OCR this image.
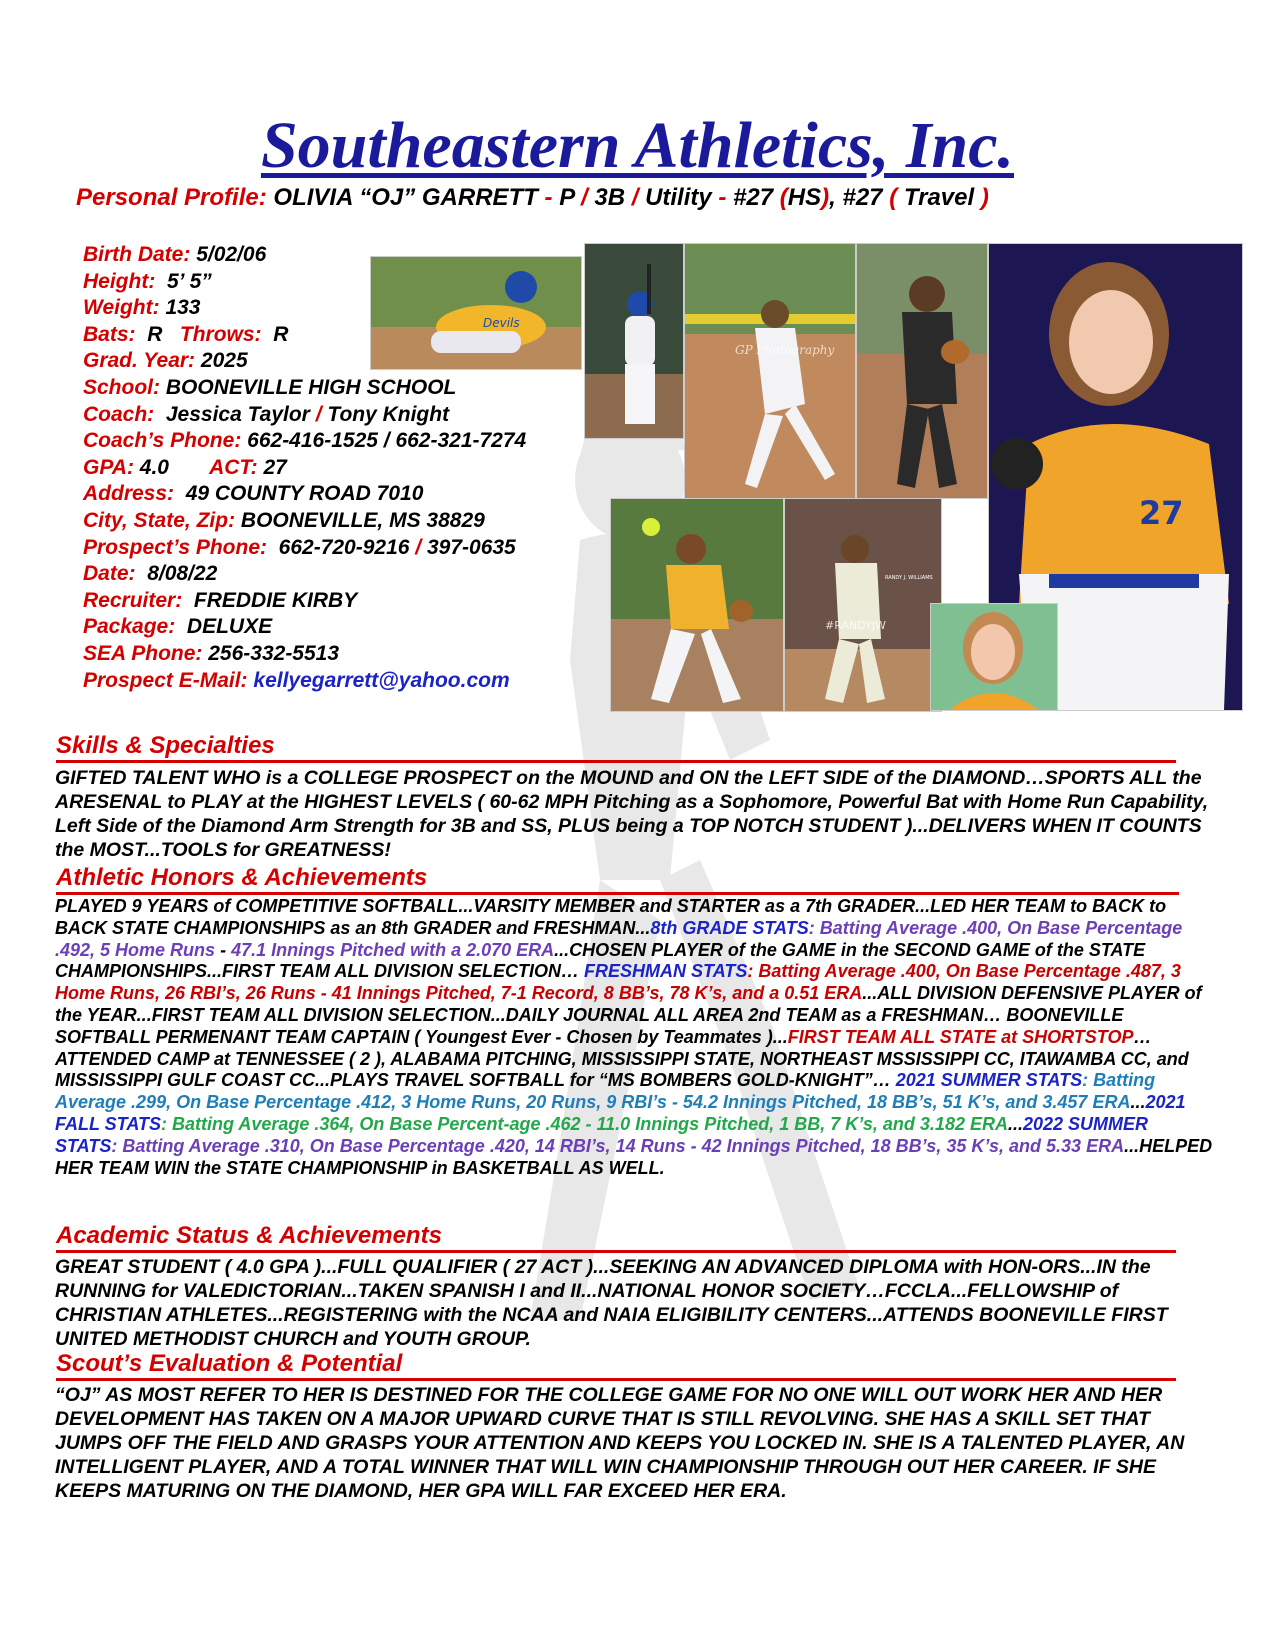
Southeastern Athletics, Inc.
Personal Profile: OLIVIA “OJ” GARRETT - P / 3B / Utility - #27 (HS), #27 ( Travel )
Birth Date: 5/02/06
Height: 5’ 5”
Weight: 133
Bats: R Throws: R
Grad. Year: 2025
School: BOONEVILLE HIGH SCHOOL
Coach: Jessica Taylor / Tony Knight
Coach’s Phone: 662-416-1525 / 662-321-7274
GPA: 4.0 ACT: 27
Address: 49 COUNTY ROAD 7010
City, State, Zip: BOONEVILLE, MS 38829
Prospect’s Phone: 662-720-9216 / 397-0635
Date: 8/08/22
Recruiter: FREDDIE KIRBY
Package: DELUXE
SEA Phone: 256-332-5513
Prospect E-Mail: kellyegarrett@yahoo.com
Devils
GP Photography
27
#RANDYJW
RANDY J. WILLIAMS
Skills & Specialties
GIFTED TALENT WHO is a COLLEGE PROSPECT on the MOUND and ON the LEFT SIDE of the DIAMOND…SPORTS ALL the ARESENAL to PLAY at the HIGHEST LEVELS ( 60-62 MPH Pitching as a Sophomore, Powerful Bat with Home Run Capability, Left Side of the Diamond Arm Strength for 3B and SS, PLUS being a TOP NOTCH STUDENT )...DELIVERS WHEN IT COUNTS the MOST...TOOLS for GREATNESS!
Athletic Honors & Achievements
PLAYED 9 YEARS of COMPETITIVE SOFTBALL...VARSITY MEMBER and STARTER as a 7th GRADER...LED HER TEAM to BACK to BACK STATE CHAMPIONSHIPS as an 8th GRADER and FRESHMAN...8th GRADE STATS: Batting Average .400, On Base Percentage .492, 5 Home Runs - 47.1 Innings Pitched with a 2.070 ERA...CHOSEN PLAYER of the GAME in the SECOND GAME of the STATE CHAMPIONSHIPS...FIRST TEAM ALL DIVISION SELECTION… FRESHMAN STATS: Batting Average .400, On Base Percentage .487, 3 Home Runs, 26 RBI’s, 26 Runs - 41 Innings Pitched, 7-1 Record, 8 BB’s, 78 K’s, and a 0.51 ERA...ALL DIVISION DEFENSIVE PLAYER of the YEAR...FIRST TEAM ALL DIVISION SELECTION...DAILY JOURNAL ALL AREA 2nd TEAM as a FRESHMAN… BOONEVILLE SOFTBALL PERMENANT TEAM CAPTAIN ( Youngest Ever - Chosen by Teammates )...FIRST TEAM ALL STATE at SHORTSTOP… ATTENDED CAMP at TENNESSEE ( 2 ), ALABAMA PITCHING, MISSISSIPPI STATE, NORTHEAST MSSISSIPPI CC, ITAWAMBA CC, and MISSISSIPPI GULF COAST CC...PLAYS TRAVEL SOFTBALL for “MS BOMBERS GOLD-KNIGHT”… 2021 SUMMER STATS: Batting Average .299, On Base Percentage .412, 3 Home Runs, 20 Runs, 9 RBI’s - 54.2 Innings Pitched, 18 BB’s, 51 K’s, and 3.457 ERA...2021 FALL STATS: Batting Average .364, On Base Percent-age .462 - 11.0 Innings Pitched, 1 BB, 7 K’s, and 3.182 ERA...2022 SUMMER STATS: Batting Average .310, On Base Percentage .420, 14 RBI’s, 14 Runs - 42 Innings Pitched, 18 BB’s, 35 K’s, and 5.33 ERA...HELPED HER TEAM WIN the STATE CHAMPIONSHIP in BASKETBALL AS WELL.
Academic Status & Achievements
GREAT STUDENT ( 4.0 GPA )...FULL QUALIFIER ( 27 ACT )...SEEKING AN ADVANCED DIPLOMA with HON-ORS...IN the RUNNING for VALEDICTORIAN...TAKEN SPANISH I and II...NATIONAL HONOR SOCIETY…FCCLA...FELLOWSHIP of CHRISTIAN ATHLETES...REGISTERING with the NCAA and NAIA ELIGIBILITY CENTERS...ATTENDS BOONEVILLE FIRST UNITED METHODIST CHURCH and YOUTH GROUP.
Scout’s Evaluation & Potential
“OJ” AS MOST REFER TO HER IS DESTINED FOR THE COLLEGE GAME FOR NO ONE WILL OUT WORK HER AND HER DEVELOPMENT HAS TAKEN ON A MAJOR UPWARD CURVE THAT IS STILL REVOLVING. SHE HAS A SKILL SET THAT JUMPS OFF THE FIELD AND GRASPS YOUR ATTENTION AND KEEPS YOU LOCKED IN. SHE IS A TALENTED PLAYER, AN INTELLIGENT PLAYER, AND A TOTAL WINNER THAT WILL WIN CHAMPIONSHIP THROUGH OUT HER CAREER. IF SHE KEEPS MATURING ON THE DIAMOND, HER GPA WILL FAR EXCEED HER ERA.
